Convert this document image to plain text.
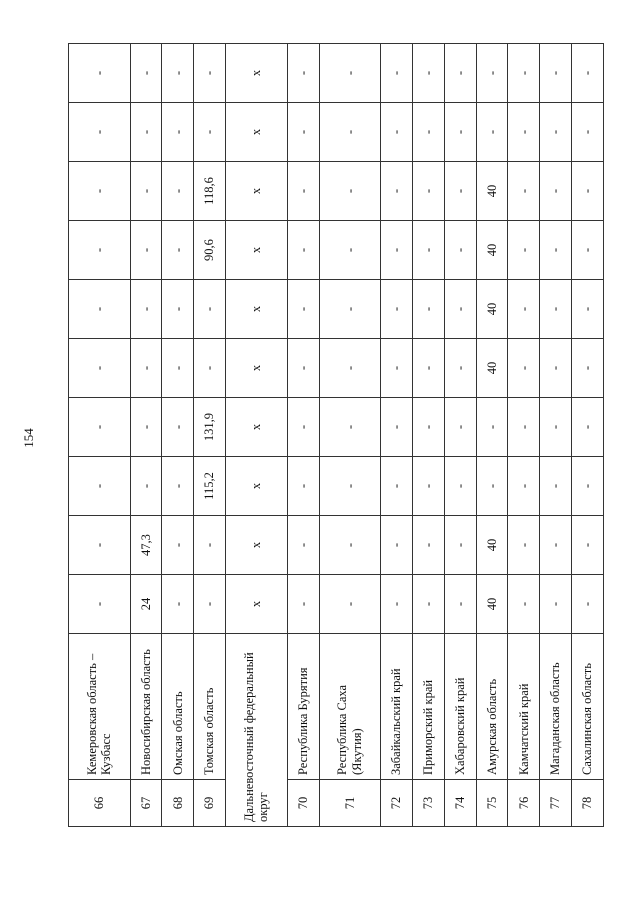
154
66	Кемеровская область – Кузбасс	-	-	-	-	-	-	-	-	-	-
67	Новосибирская область	24	47,3	-	-	-	-	-	-	-	-
68	Омская область	-	-	-	-	-	-	-	-	-	-
69	Томская область	-	-	115,2	131,9	-	-	90,6	118,6	-	-
Дальневосточный федеральный округ		x	x	x	x	x	x	x	x	x	x
70	Республика Бурятия	-	-	-	-	-	-	-	-	-	-
71	Республика Саха (Якутия)	-	-	-	-	-	-	-	-	-	-
72	Забайкальский край	-	-	-	-	-	-	-	-	-	-
73	Приморский край	-	-	-	-	-	-	-	-	-	-
74	Хабаровский край	-	-	-	-	-	-	-	-	-	-
75	Амурская область	40	40	-	-	40	40	40	40	-	-
76	Камчатский край	-	-	-	-	-	-	-	-	-	-
77	Магаданская область	-	-	-	-	-	-	-	-	-	-
78	Сахалинская область	-	-	-	-	-	-	-	-	-	-
